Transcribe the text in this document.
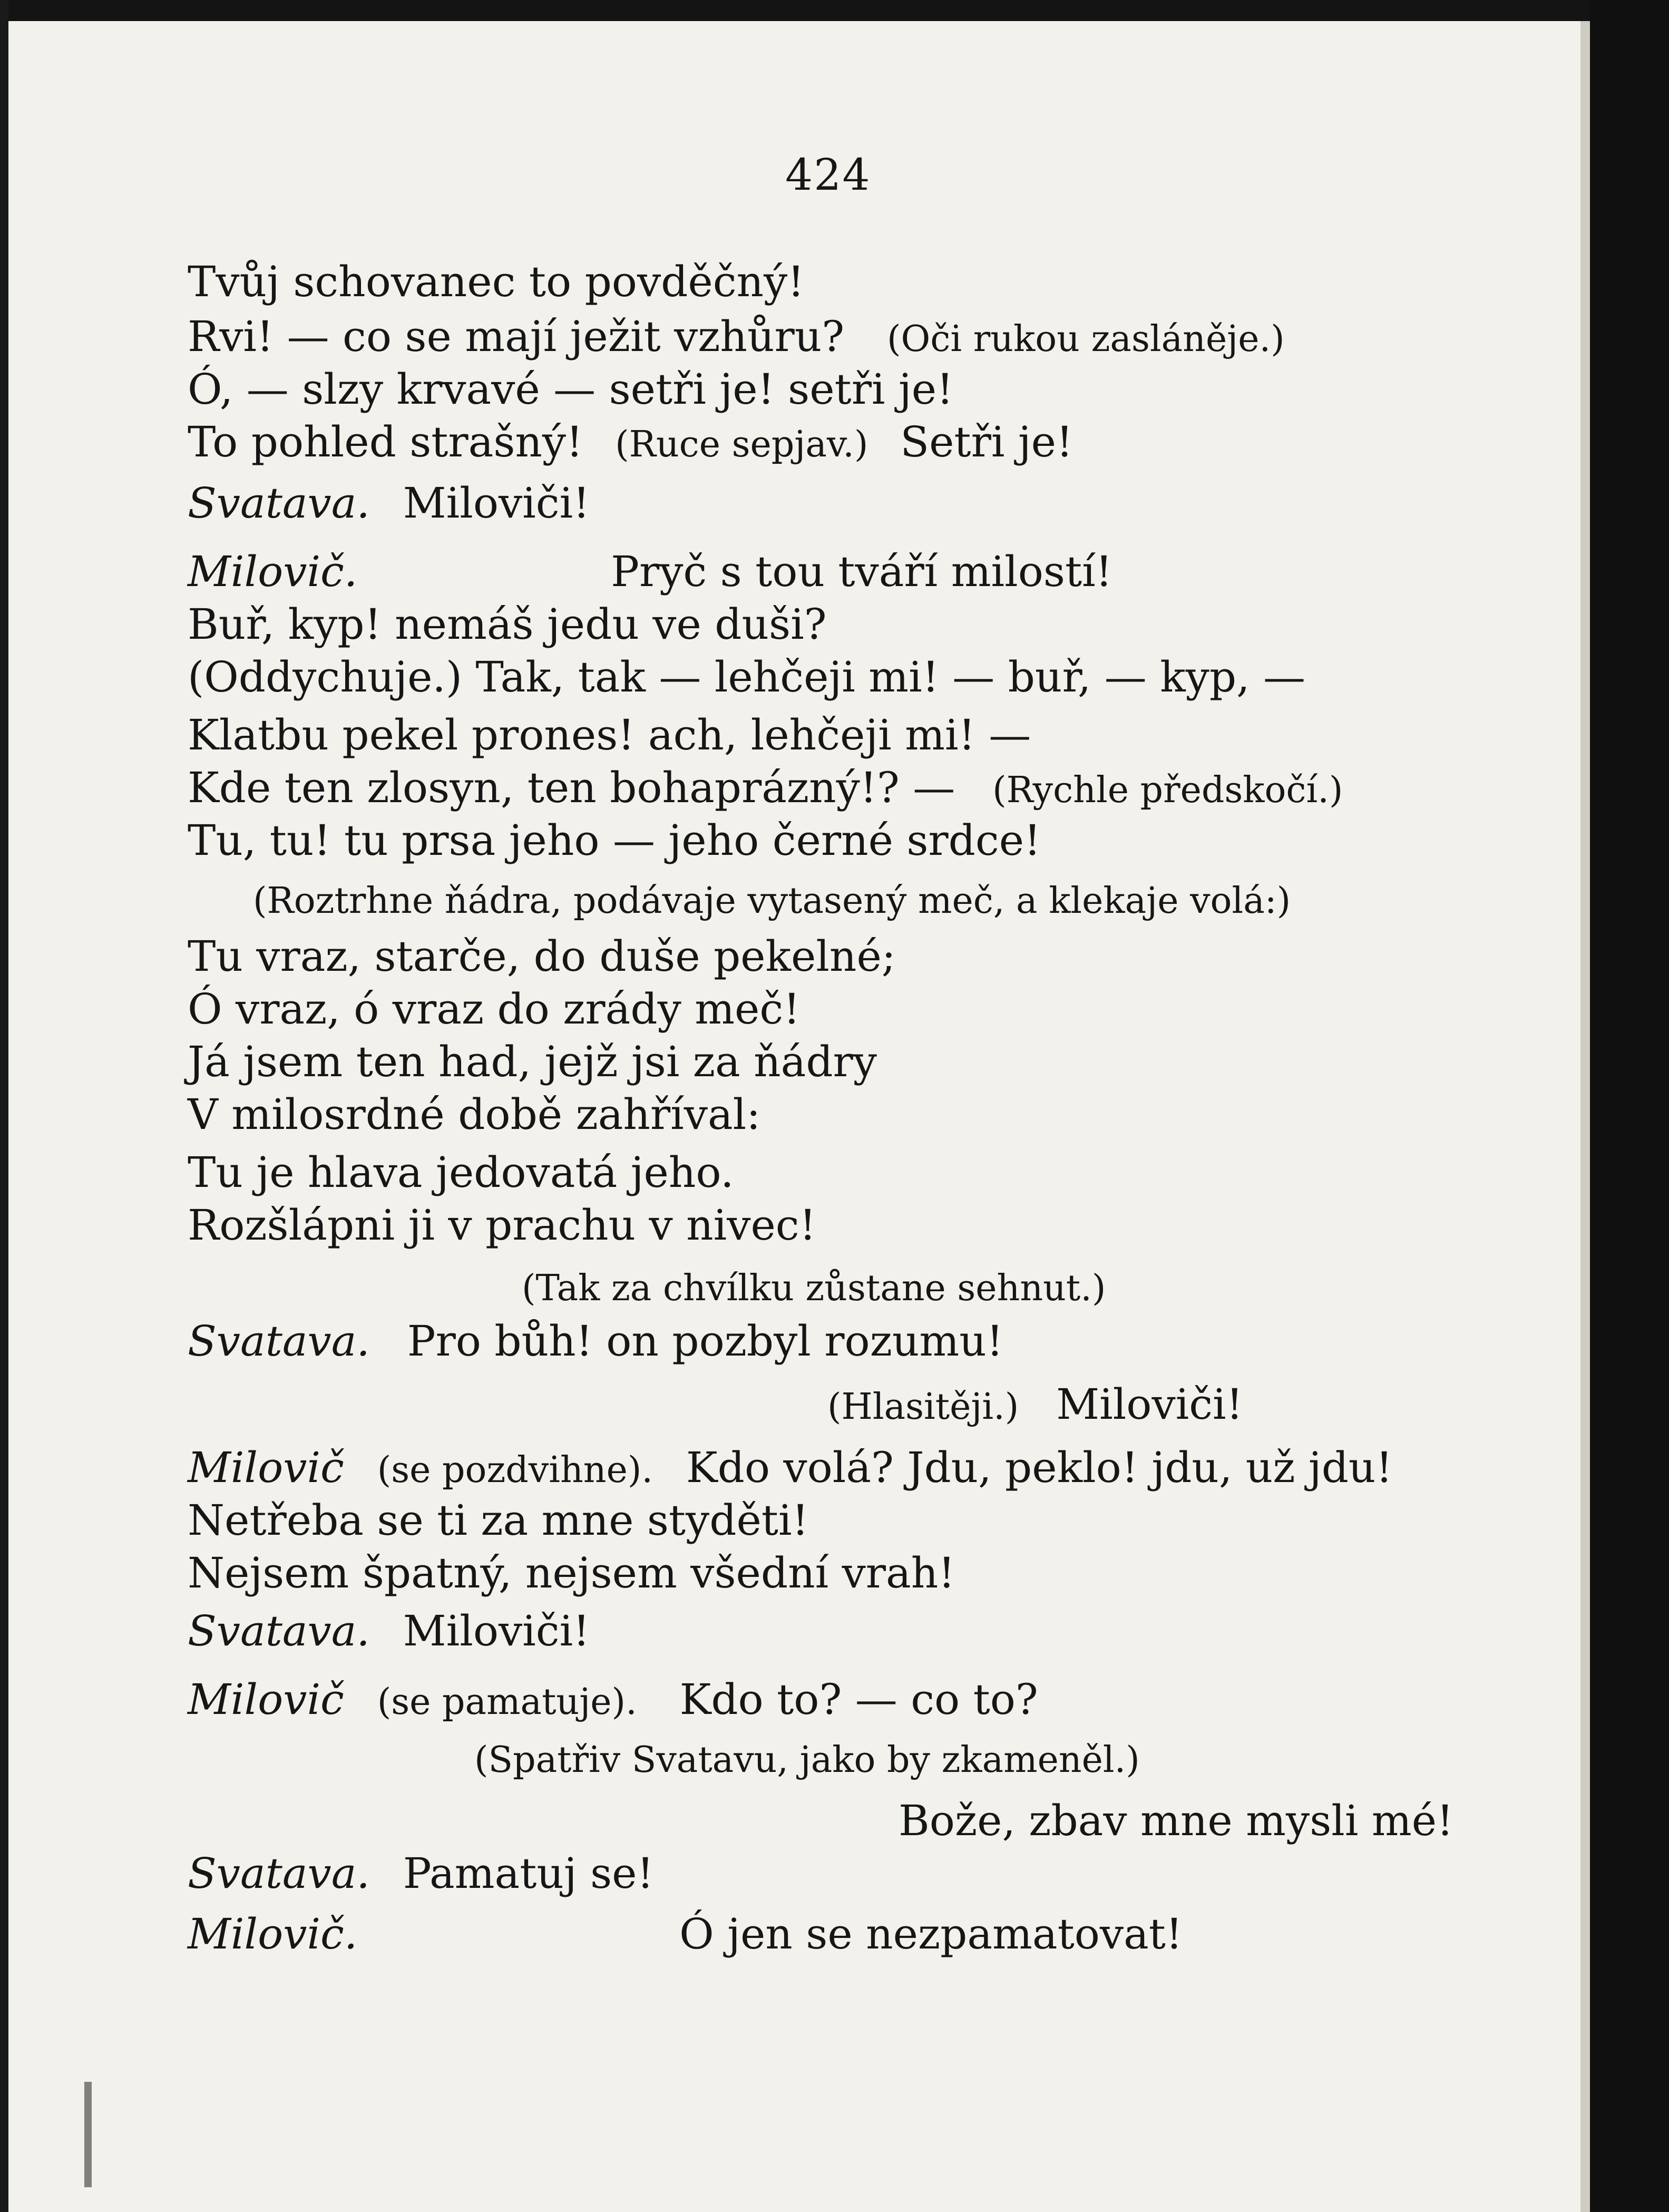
424
Tvůj schovanec to povděčný!
Rvi! — co se mají ježit vzhůru? (Oči rukou zasláněje.)
Ó, — slzy krvavé — setři je! setři je!
To pohled strašný! (Ruce sepjav.) Setři je!
Svatava. Miloviči!
Milovič.	Pryč s tou tváří milostí!
Buř, kyp! nemáš jedu ve duši?
(Oddychuje.) Tak, tak — lehčeji mi! — buř, — kyp, —
Klatbu pekel prones! ach, lehčeji mi! —
Kde ten zlosyn, ten bohaprázný!? — (Rychle předskočí.)
Tu, tu! tu prsa jeho — jeho černé srdce!
(Roztrhne ňádra, podávaje vytasený meč, a klekaje volá:)
Tu vraz, starče, do duše pekelné;
Ó vraz, ó vraz do zrády meč!
Já jsem ten had, jejž jsi za ňádry
V milosrdné době zahříval:
Tu je hlava jedovatá jeho.
Rozšlápni ji v prachu v nivec!
(Tak za chvílku zůstane sehnut.)
Svatava. Pro bůh! on pozbyl rozumu!
(Hlasitěji.) Miloviči!
Milovič (se pozdvihne). Kdo volá? Jdu, peklo! jdu, už jdu!
Netřeba se ti za mne styděti!
Nejsem špatný, nejsem všední vrah!
Svatava. Miloviči!
Milovič (se pamatuje). Kdo to? — co to?
(Spatřiv Svatavu, jako by zkameněl.)
Bože, zbav mne mysli mé!
Svatava. Pamatuj se!
Milovič.	Ó jen se nezpamatovat!
